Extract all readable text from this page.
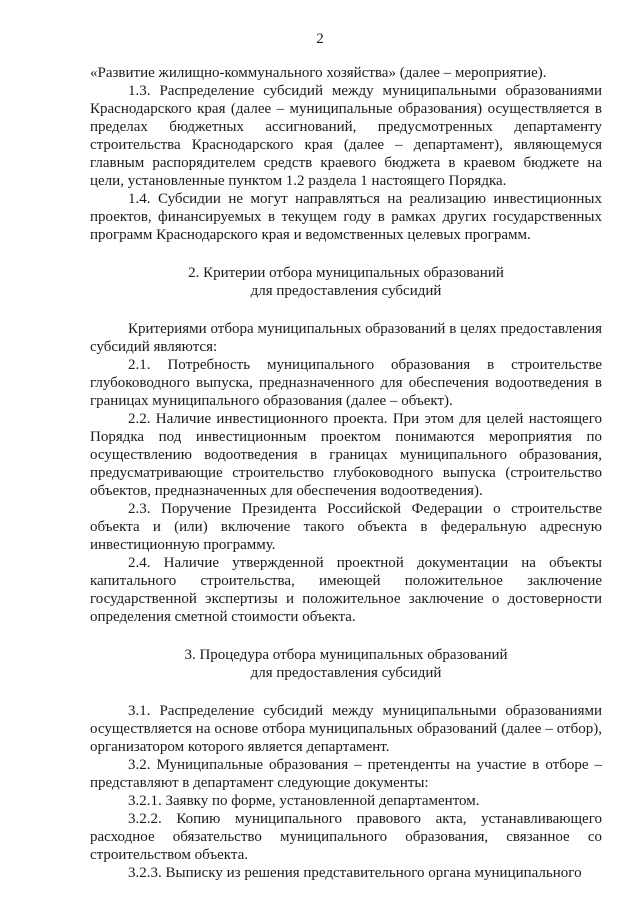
2

«Развитие жилищно-коммунального хозяйства» (далее – мероприятие).

1.3. Распределение субсидий между муниципальными образованиями Краснодарского края (далее – муниципальные образования) осуществляется в пределах бюджетных ассигнований, предусмотренных департаменту строительства Краснодарского края (далее – департамент), являющемуся главным распорядителем средств краевого бюджета в краевом бюджете на цели, установленные пунктом 1.2 раздела 1 настоящего Порядка.

1.4. Субсидии не могут направляться на реализацию инвестиционных проектов, финансируемых в текущем году в рамках других государственных программ Краснодарского края и ведомственных целевых программ.

2. Критерии отбора муниципальных образований

для предоставления субсидий

Критериями отбора муниципальных образований в целях предоставления субсидий являются:

2.1. Потребность муниципального образования в строительстве глубоководного выпуска, предназначенного для обеспечения водоотведения в границах муниципального образования (далее – объект).

2.2. Наличие инвестиционного проекта. При этом для целей настоящего Порядка под инвестиционным проектом понимаются мероприятия по осуществлению водоотведения в границах муниципального образования, предусматривающие строительство глубоководного выпуска (строительство объектов, предназначенных для обеспечения водоотведения).

2.3. Поручение Президента Российской Федерации о строительстве объекта и (или) включение такого объекта в федеральную адресную инвестиционную программу.

2.4. Наличие утвержденной проектной документации на объекты капитального строительства, имеющей положительное заключение государственной экспертизы и положительное заключение о достоверности определения сметной стоимости объекта.

3. Процедура отбора муниципальных образований

для предоставления субсидий

3.1. Распределение субсидий между муниципальными образованиями осуществляется на основе отбора муниципальных образований (далее – отбор), организатором которого является департамент.

3.2. Муниципальные образования – претенденты на участие в отборе – представляют в департамент следующие документы:

3.2.1. Заявку по форме, установленной департаментом.

3.2.2. Копию муниципального правового акта, устанавливающего расходное обязательство муниципального образования, связанное со строительством объекта.

3.2.3. Выписку из решения представительного органа муниципального
